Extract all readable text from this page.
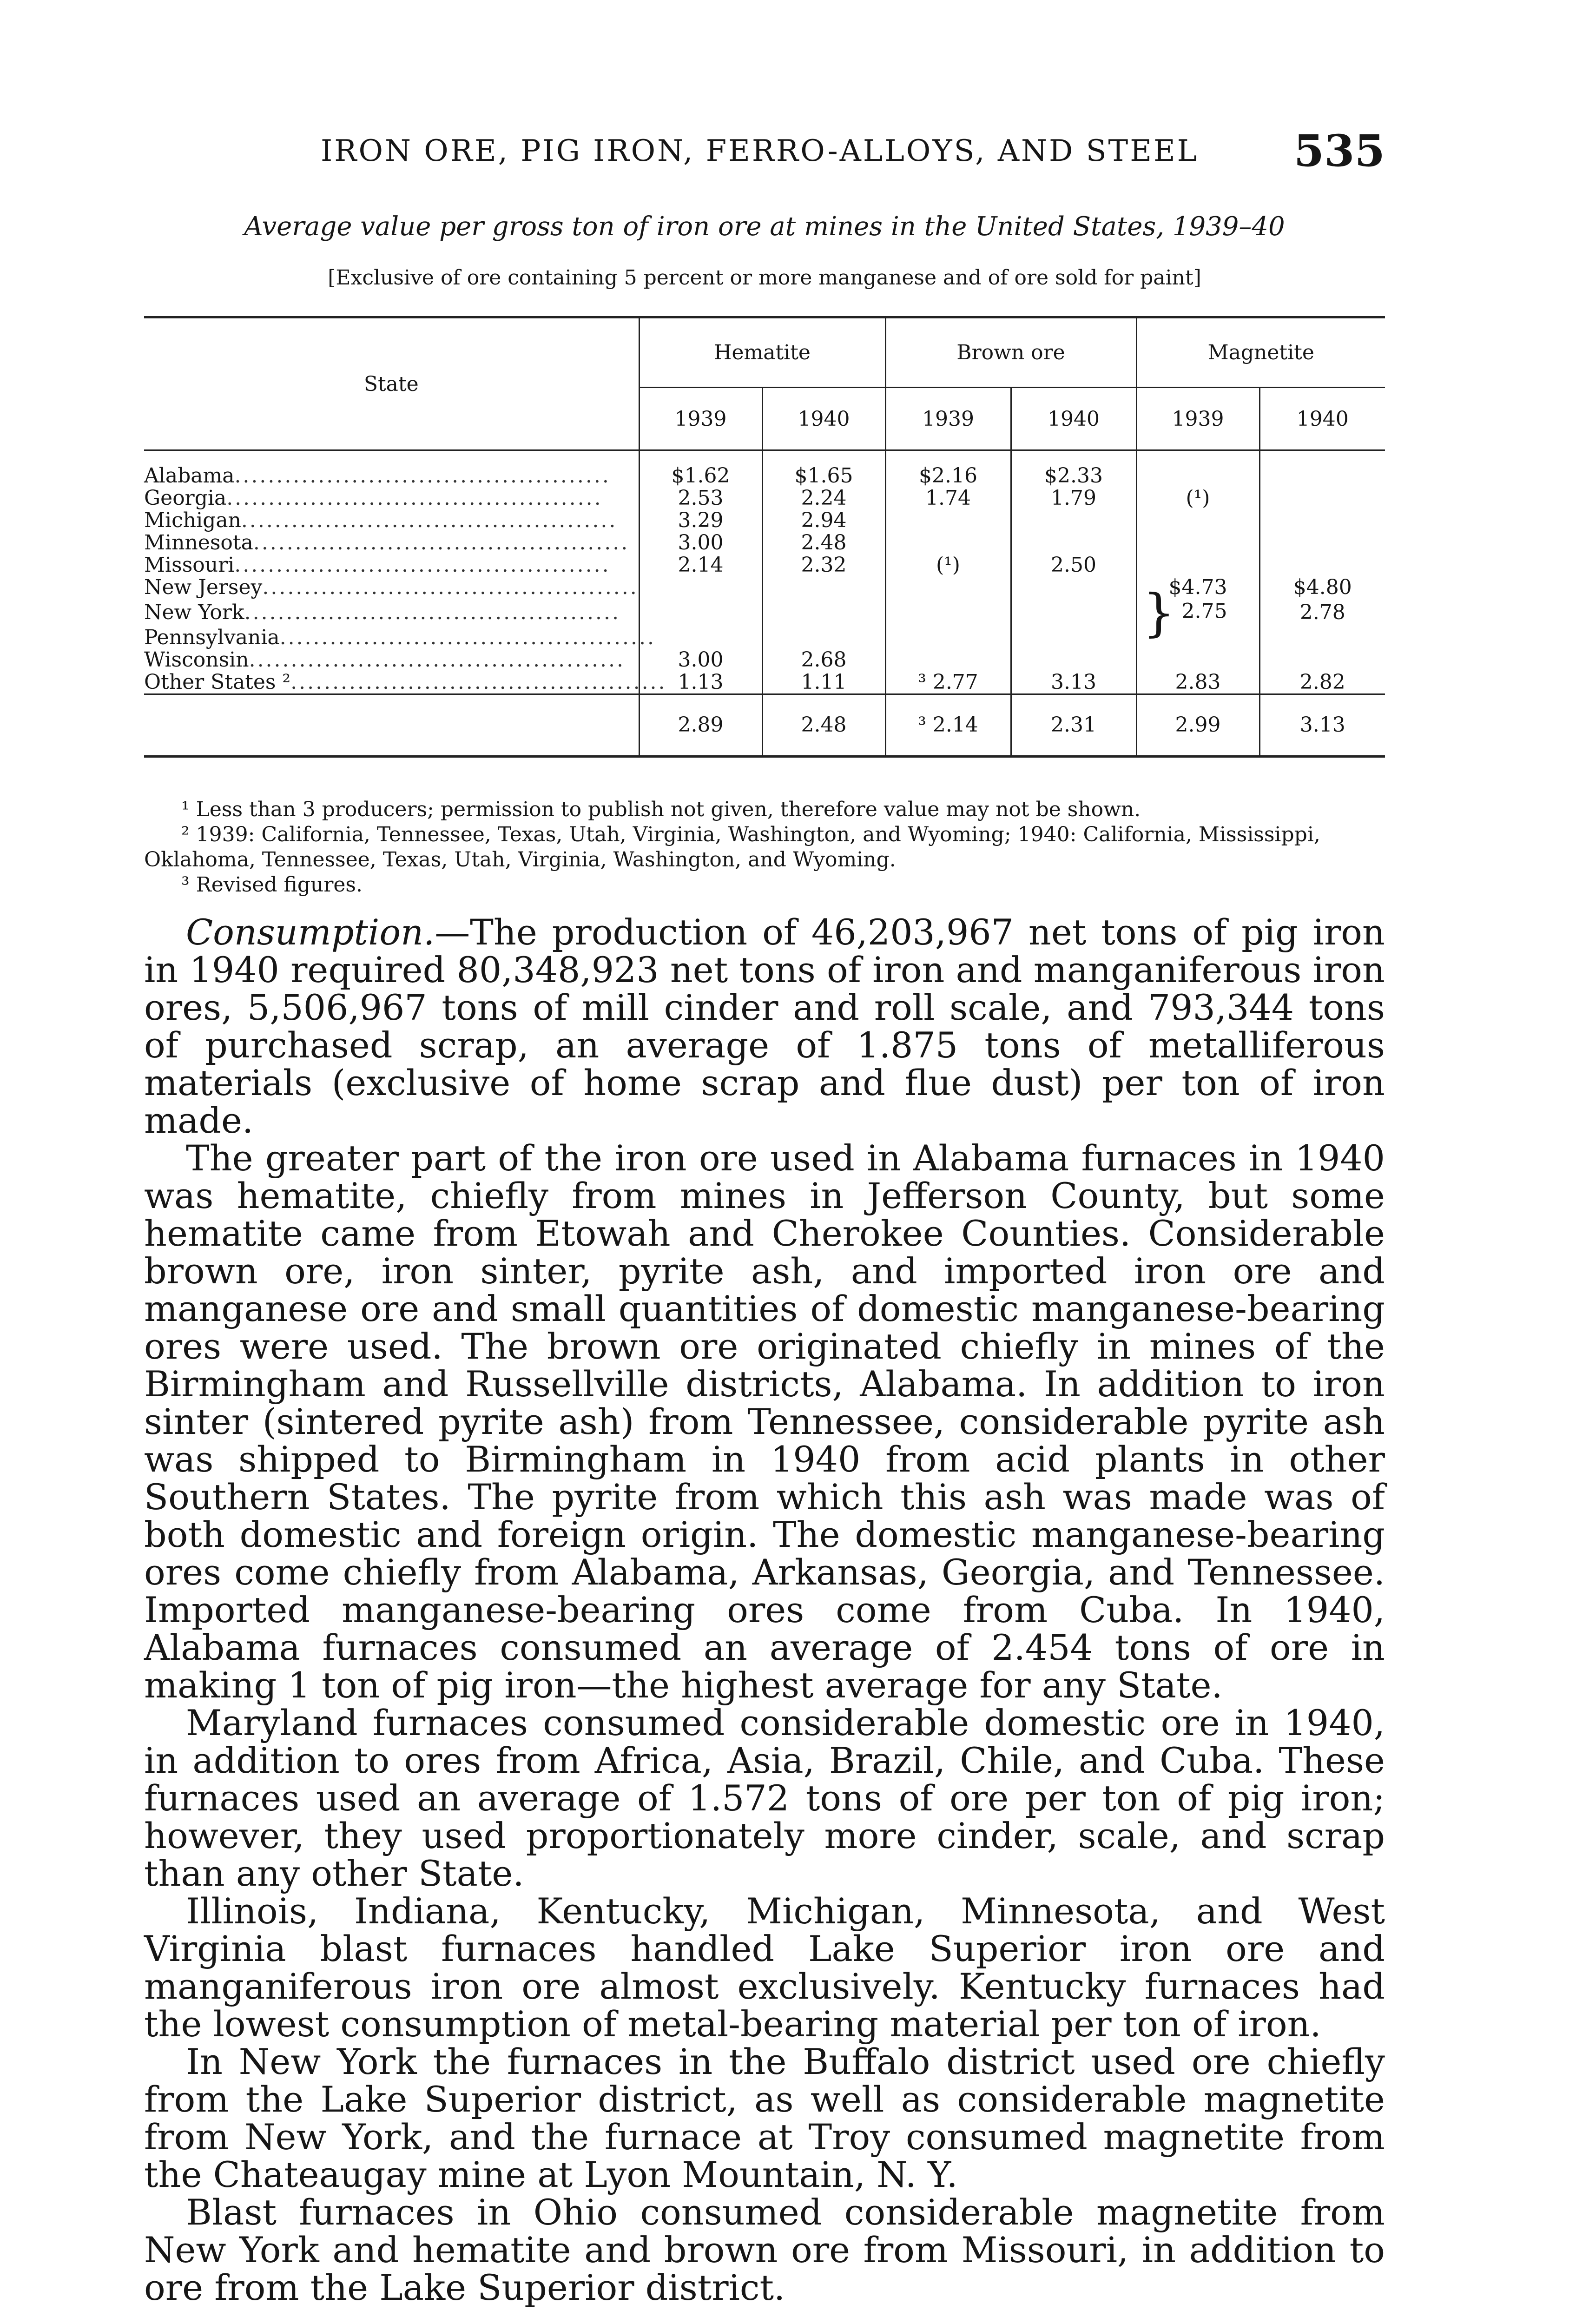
IRON ORE, PIG IRON, FERRO-ALLOYS, AND STEEL 535
Average value per gross ton of iron ore at mines in the United States, 1939–40
[Exclusive of ore containing 5 percent or more manganese and of ore sold for paint]
State	Hematite		Brown ore		Magnetite	
	1939	1940	1939	1940	1939	1940
Alabama.............................................	$1.62	$1.65	$2.16	$2.33		
Georgia.............................................	2.53	2.24	1.74	1.79	(¹)	
Michigan.............................................	3.29	2.94				
Minnesota.............................................	3.00	2.48				
Missouri.............................................	2.14	2.32	(¹)	2.50		
New Jersey.............................................					$4.73	$4.80
New York.............................................					} 2.75	2.78
Pennsylvania.............................................						
Wisconsin.............................................	3.00	2.68				
Other States ².............................................	1.13	1.11	³ 2.77	3.13	2.83	2.82
	2.89	2.48	³ 2.14	2.31	2.99	3.13
¹ Less than 3 producers; permission to publish not given, therefore value may not be shown.
² 1939: California, Tennessee, Texas, Utah, Virginia, Washington, and Wyoming; 1940: California, Mississippi, Oklahoma, Tennessee, Texas, Utah, Virginia, Washington, and Wyoming.
³ Revised figures.

Consumption.—The production of 46,203,967 net tons of pig iron in 1940 required 80,348,923 net tons of iron and manganiferous iron ores, 5,506,967 tons of mill cinder and roll scale, and 793,344 tons of purchased scrap, an average of 1.875 tons of metalliferous materials (exclusive of home scrap and flue dust) per ton of iron made.

The greater part of the iron ore used in Alabama furnaces in 1940 was hematite, chiefly from mines in Jefferson County, but some hematite came from Etowah and Cherokee Counties. Considerable brown ore, iron sinter, pyrite ash, and imported iron ore and manganese ore and small quantities of domestic manganese-bearing ores were used. The brown ore originated chiefly in mines of the Birmingham and Russellville districts, Alabama. In addition to iron sinter (sintered pyrite ash) from Tennessee, considerable pyrite ash was shipped to Birmingham in 1940 from acid plants in other Southern States. The pyrite from which this ash was made was of both domestic and foreign origin. The domestic manganese-bearing ores come chiefly from Alabama, Arkansas, Georgia, and Tennessee. Imported manganese-bearing ores come from Cuba. In 1940, Alabama furnaces consumed an average of 2.454 tons of ore in making 1 ton of pig iron—the highest average for any State.

Maryland furnaces consumed considerable domestic ore in 1940, in addition to ores from Africa, Asia, Brazil, Chile, and Cuba. These furnaces used an average of 1.572 tons of ore per ton of pig iron; however, they used proportionately more cinder, scale, and scrap than any other State.

Illinois, Indiana, Kentucky, Michigan, Minnesota, and West Virginia blast furnaces handled Lake Superior iron ore and manganiferous iron ore almost exclusively. Kentucky furnaces had the lowest consumption of metal-bearing material per ton of iron.

In New York the furnaces in the Buffalo district used ore chiefly from the Lake Superior district, as well as considerable magnetite from New York, and the furnace at Troy consumed magnetite from the Chateaugay mine at Lyon Mountain, N. Y.

Blast furnaces in Ohio consumed considerable magnetite from New York and hematite and brown ore from Missouri, in addition to ore from the Lake Superior district.
